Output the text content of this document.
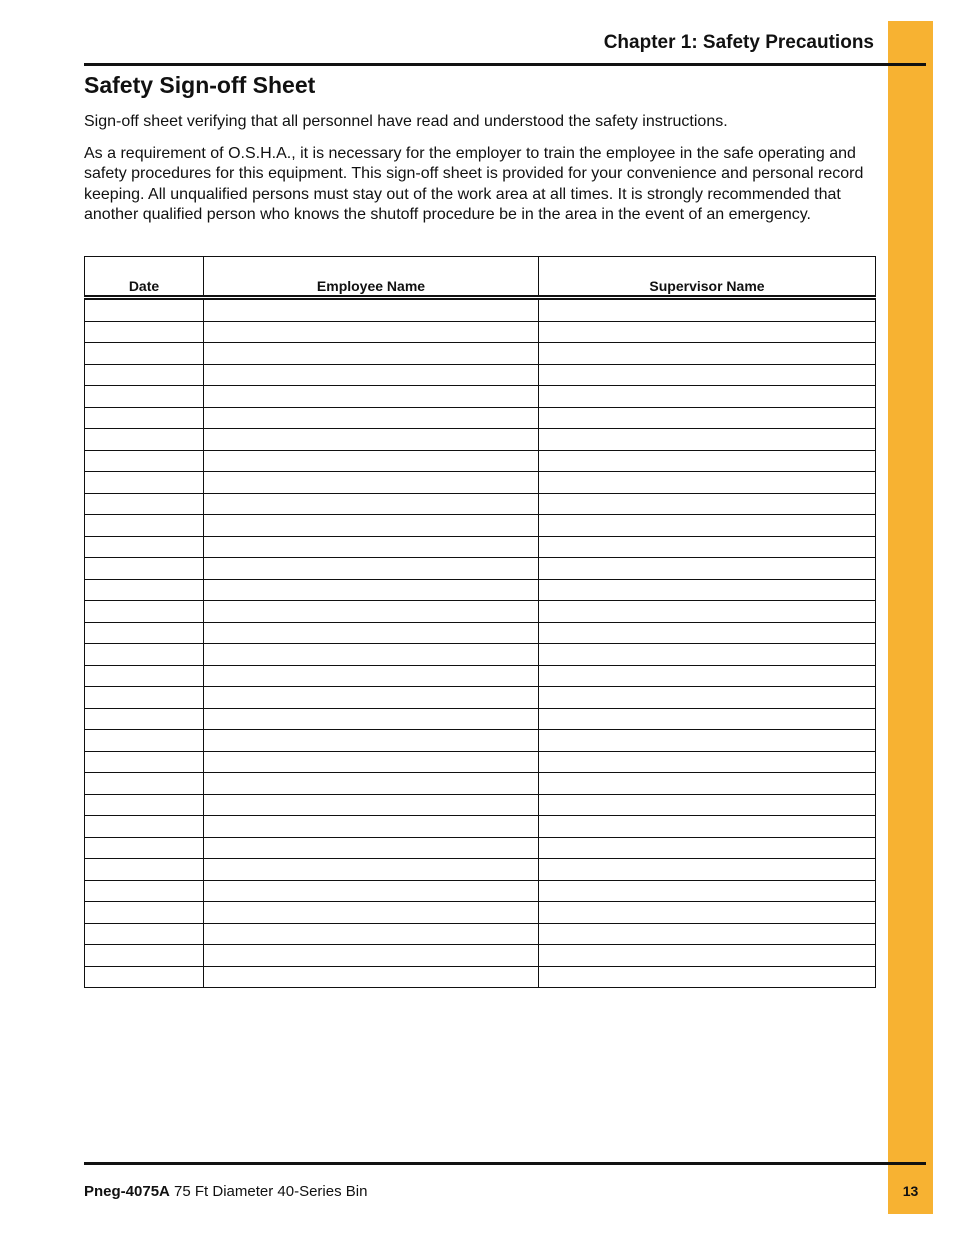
Chapter 1: Safety Precautions
Safety Sign-off Sheet

Sign-off sheet verifying that all personnel have read and understood the safety instructions.

As a requirement of O.S.H.A., it is necessary for the employer to train the employee in the safe operating and safety procedures for this equipment. This sign-off sheet is provided for your convenience and personal record keeping. All unqualified persons must stay out of the work area at all times. It is strongly recommended that another qualified person who knows the shutoff procedure be in the area in the event of an emergency.

Date	Employee Name	Supervisor Name

Pneg-4075A 75 Ft Diameter 40-Series Bin	13
